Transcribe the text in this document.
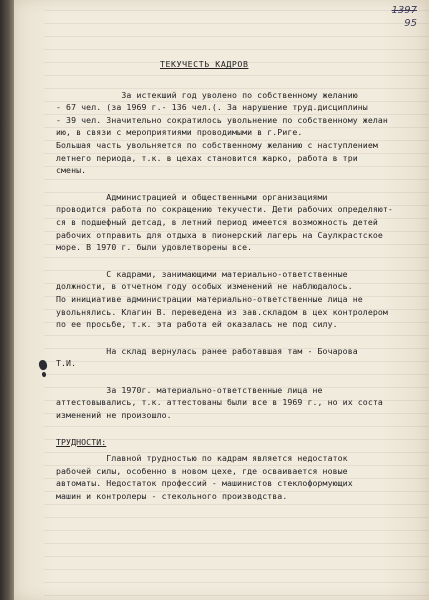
1397
95
ТЕКУЧЕСТЬ КАДРОВ
За истекший год уволено по собственному желанию
- 67 чел. (за 1969 г.- 136 чел.(. За нарушение труд.дисциплины
- 39 чел. Значительно сократилось увольнение по собственному желан
ию, в связи с мероприятиями проводимыми в г.Риге.
Большая часть увольняется по собственному желанию с наступлением
летнего периода, т.к. в цехах становится жарко, работа в три
смены.
Администрацией и общественными организациями
проводится работа по сокращению текучести. Дети рабочих определяют-
ся в подшефный детсад, в летний период имеется возможность детей
рабочих отправить для отдыха в пионерский лагерь на Саулкрастское
море. В 1970 г. были удовлетворены все.
С кадрами, занимающими материально-ответственные
должности, в отчетном году особых изменений не наблюдалось.
По инициативе администрации материально-ответственные лица не
увольнялись. Клагин В. переведена из зав.складом в цех контролером
по ее просьбе, т.к. эта работа ей оказалась не под силу.
На склад вернулась ранее работавшая там - Бочарова
Т.И.
За 1970г. материально-ответственные лица не
аттестовывались, т.к. аттестованы были все в 1969 г., но их соста
изменений не произошло.
ТРУДНОСТИ:
Главной трудностью по кадрам является недостаток
рабочей силы, особенно в новом цехе, где осваивается новые
автоматы. Недостаток профессий - машинистов стеклоформующих
машин и контролеры - стекольного производства.
